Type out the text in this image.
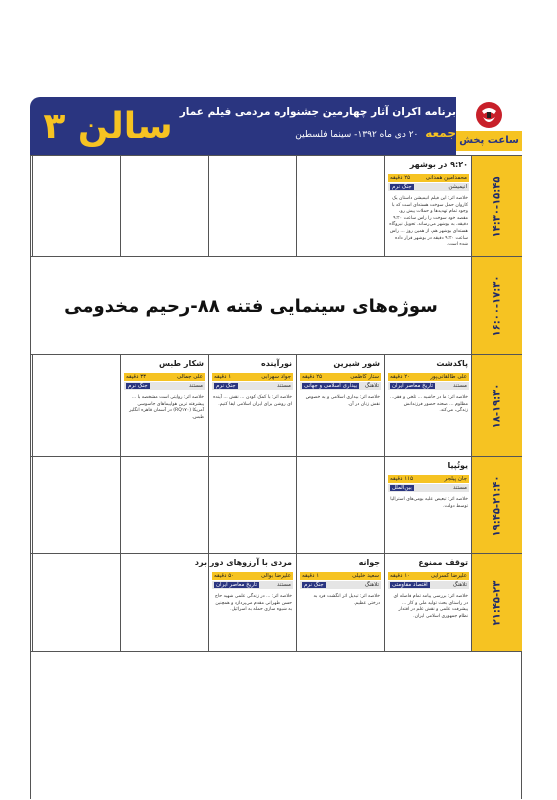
سالن ۳ برنامه اکران آثار چهارمین جشنواره مردمی فیلم عمار
جمعه ۲۰ دی ماه ۱۳۹۲- سینما فلسطین	ساعت پخش
۱۴:۳۰-۱۵:۴۵
۹:۲۰ در بوشهر
محمدامین همدانی
۲۵ دقیقه
انیمیشن
جنگ نرم
خلاصه اثر: این فیلم انیمیشن داستان یک کاروان حمل سوخت هسته‌ای است که با وجود تمام تهدیدها و حملات پیش رو، مقصد خود سوخت را راس ساعت ۹:۲۰ دقیقه، به بوشهر می‌رساند. تحویل نیروگاه هسته‌ای بوشهر هم، از همین روز ... راس ساعت ۹:۲۰ دقیقه در بوشهر قرار داده شده است.
۱۶:۰۰-۱۷:۳۰
سوژه‌های سینمایی فتنه ۸۸-رحیم مخدومی
۱۸-۱۹:۳۰
پاکدشت
علی طالقانی‌پور
۲۰ دقیقه
مستند
تاریخ معاصر ایران
خلاصه اثر: ما در حاشیه ... تلخی و فقر... مظلوم ... صحنه حضور فرزندانش زندگی، می‌کند.
شور شیرین
ستار کاظمی
۲۵ دقیقه
تلاهنگ
بیداری اسلامی و جهانی
خلاصه اثر: بیداری اسلامی و به خصوص نقش زنان در آن.
نورآینده
جواد سهرابی
۱ دقیقه
مستند
جنگ نرم
خلاصه اثر: با کمک کودن ... نقش ... آینده ای روشن برای ایران اسلامی ایفا کنیم.
شکار طبس
علی جمالی
۳۳ دقیقه
مستند
جنگ نرم
خلاصه اثر: روایتی است مشخصه با ... پیشرفته ترین هواپیماهای جاسوسی آمریکا (RQ۱۷۰) در آسمان قاهره انگلیز طبس.
۱۹:۴۵-۲۱:۴۰
یوتُپیا
جان پیلجر
۱۱۵ دقیقه
مستند
بین‌الملل
خلاصه اثر: تبعیض علیه بومی‌های استرالیا توسط دولت.
۲۱:۴۵-۲۳
توقف ممنوع
علیرضا کسرایی
۱۰ دقیقه
تلاهنگ
اقتصاد مقاومتی
خلاصه اثر: بررسی پیامد تمام فاصله ای در راستای بحث تولید ملی و کار ... پیشرفت علمی و نقش علم در اقتدار نظام جمهوری اسلامی ایران.
جوانه
سعید خلیلی
۱ دقیقه
تلاهنگ
جنگ نرم
خلاصه اثر: تبدیل اثر انگشت فرد به درختی عظیم.
مردی با آرزوهای دور برد
علیرضا بوالی
۵۰ دقیقه
مستند
تاریخ معاصر ایران
خلاصه اثر: ... در زندگی علمی شهید حاج حسن طهرانی مقدم می‌پردازد و همچنین به شیوه سازی حمله به اسرائیل.
